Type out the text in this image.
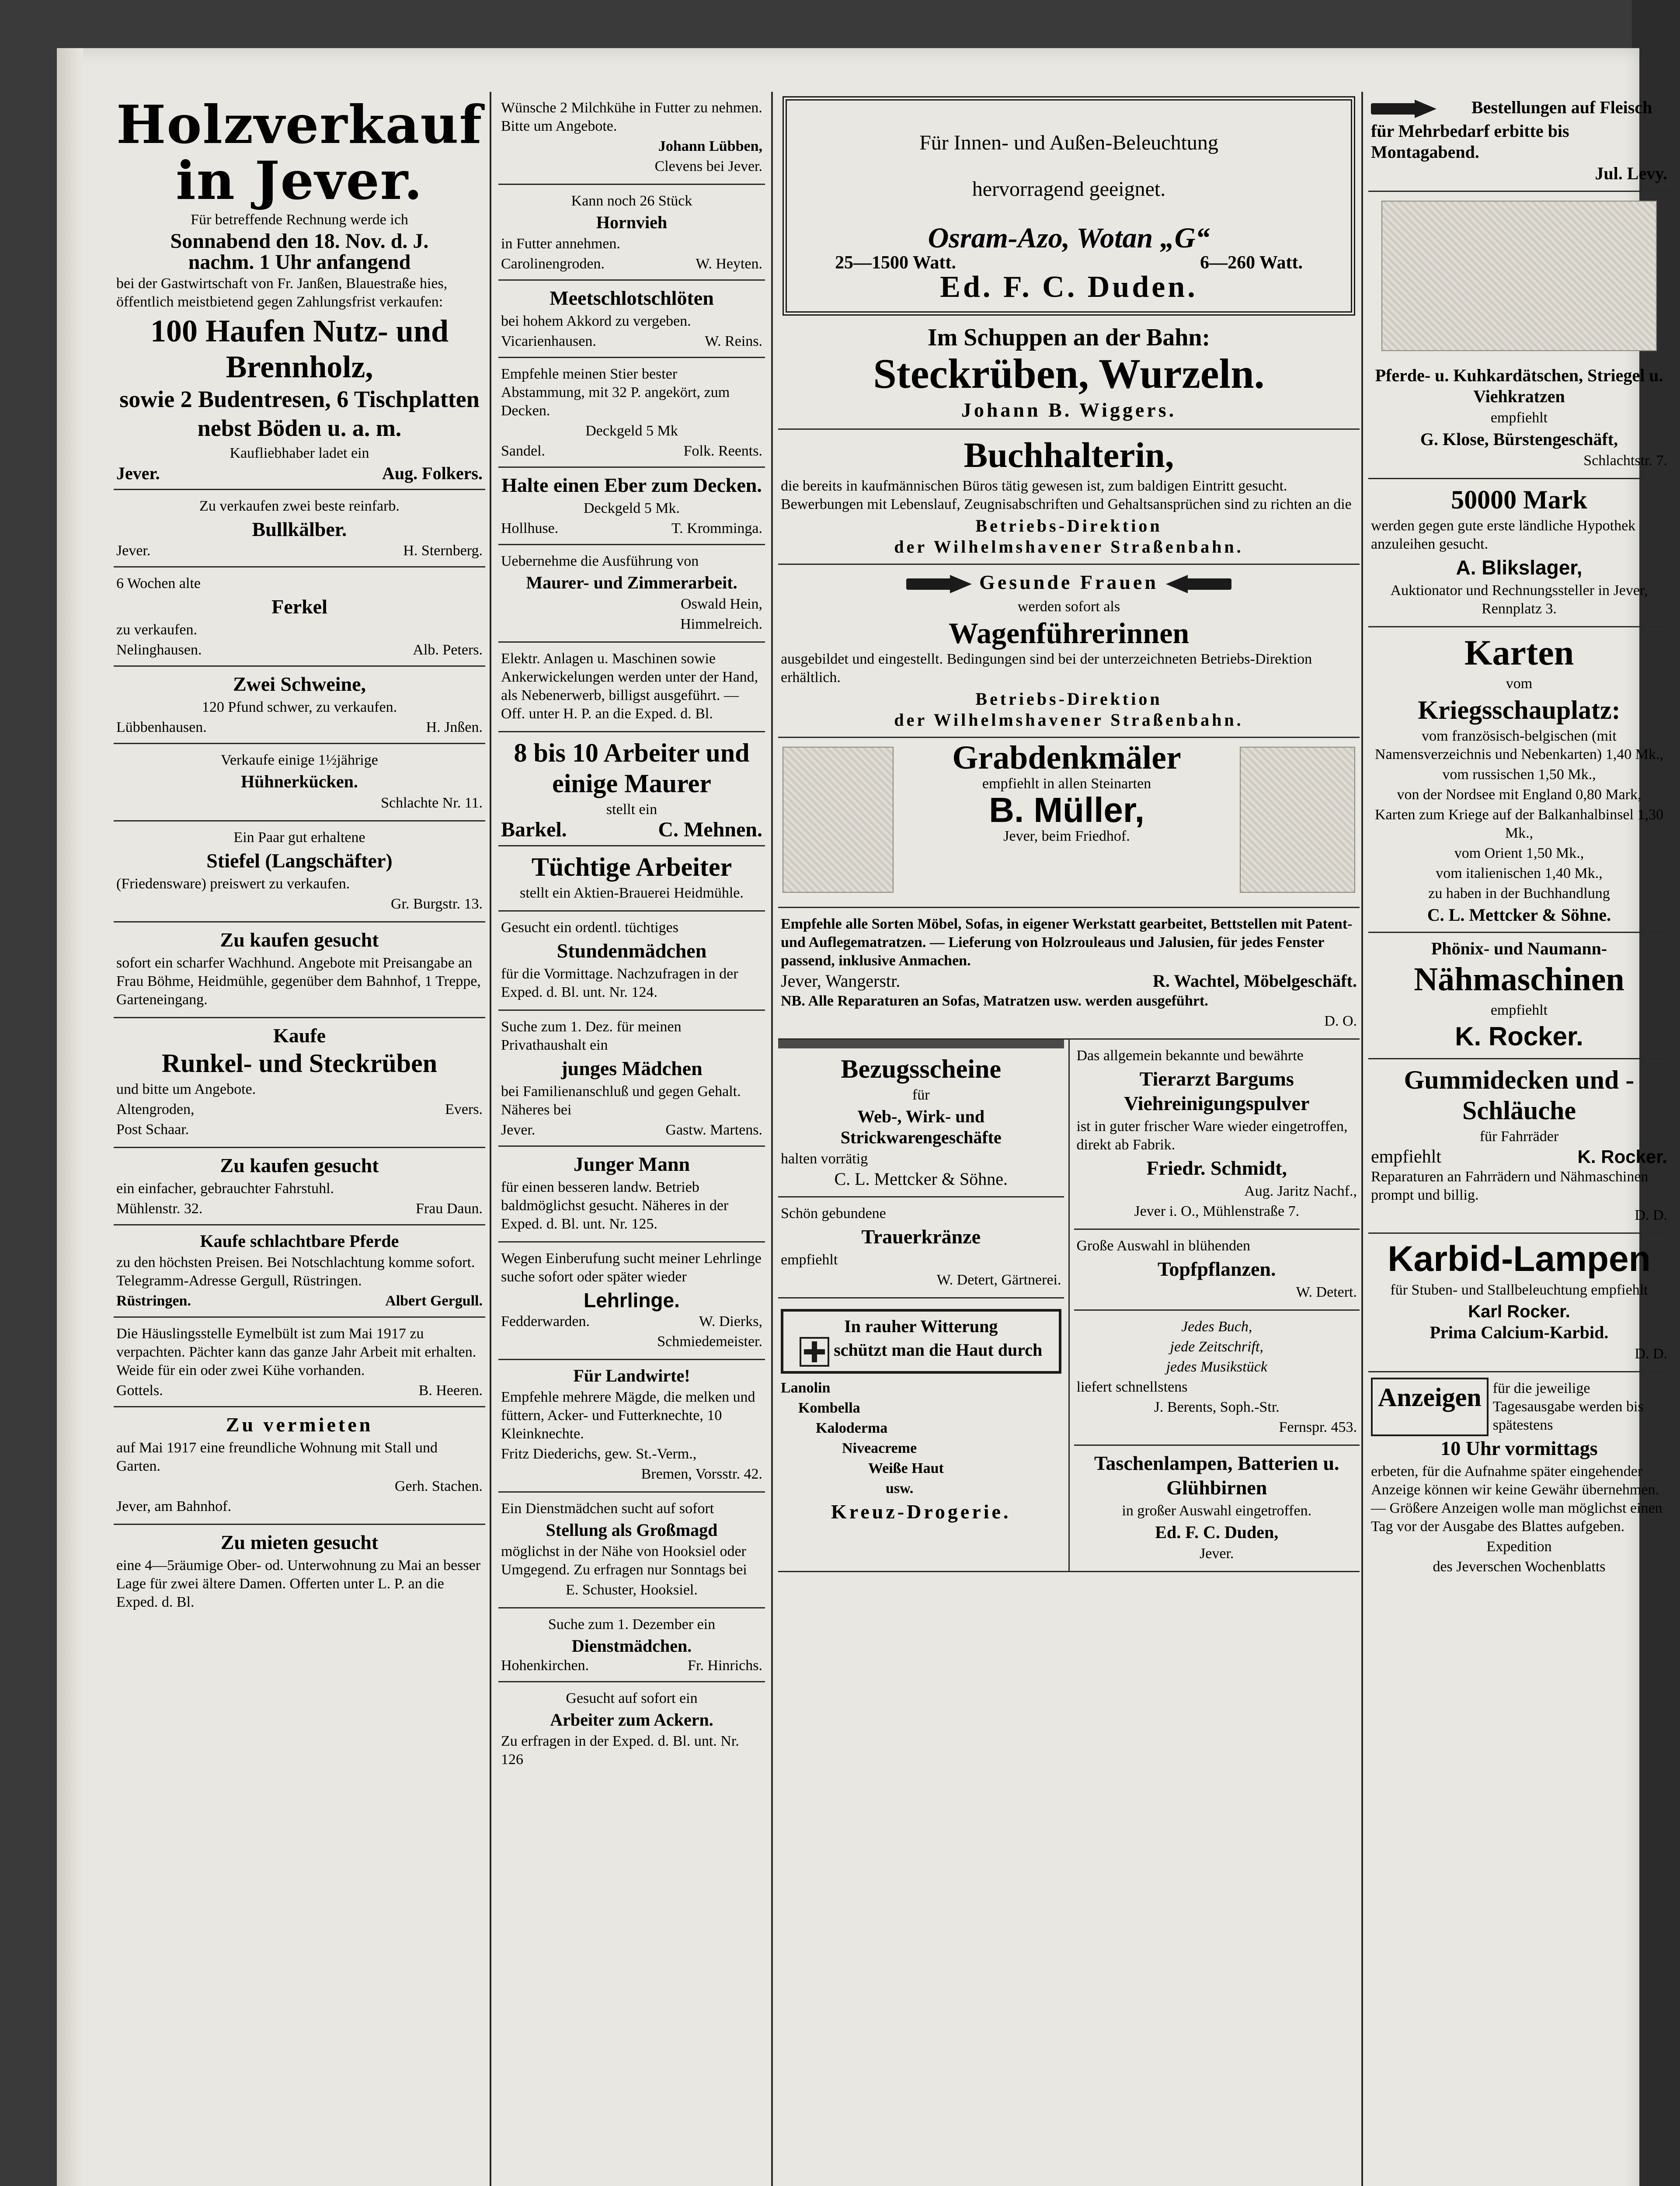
Holzverkauf
in Jever.

Für betreffende Rechnung werde ich

Sonnabend den 18. Nov. d. J.
nachm. 1 Uhr anfangend

bei der Gastwirtschaft von Fr. Janßen, Blauestraße hies, öffentlich meistbietend gegen Zahlungsfrist verkaufen:

100 Haufen Nutz- und Brennholz,
sowie 2 Budentresen, 6 Tischplatten nebst Böden u. a. m.

Kaufliebhaber ladet ein

Jever.	Aug. Folkers.

Zu verkaufen zwei beste reinfarb.

Bullkälber.
Jever.	H. Sternberg.

6 Wochen alte

Ferkel

zu verkaufen.

Nelinghausen.	Alb. Peters.
Zwei Schweine,

120 Pfund schwer, zu verkaufen.

Lübbenhausen.	H. Jnßen.

Verkaufe einige 1½jährige

Hühnerkücken.

Schlachte Nr. 11.

Ein Paar gut erhaltene

Stiefel (Langschäfter)

(Friedensware) preiswert zu verkaufen.

Gr. Burgstr. 13.

Zu kaufen gesucht

sofort ein scharfer Wachhund. Angebote mit Preisangabe an Frau Böhme, Heidmühle, gegenüber dem Bahnhof, 1 Treppe, Garteneingang.

Kaufe
Runkel- und Steckrüben

und bitte um Angebote.

Altengroden,	Evers.

Post Schaar.

Zu kaufen gesucht

ein einfacher, gebrauchter Fahrstuhl.

Mühlenstr. 32.	Frau Daun.
Kaufe schlachtbare Pferde

zu den höchsten Preisen. Bei Notschlachtung komme sofort. Telegramm-Adresse Gergull, Rüstringen.

Rüstringen.	Albert Gergull.

Die Häuslingsstelle Eymelbült ist zum Mai 1917 zu verpachten. Pächter kann das ganze Jahr Arbeit mit erhalten. Weide für ein oder zwei Kühe vorhanden.

Gottels.	B. Heeren.
Zu vermieten

auf Mai 1917 eine freundliche Wohnung mit Stall und Garten.

Gerh. Stachen.

Jever, am Bahnhof.

Zu mieten gesucht

eine 4—5räumige Ober- od. Unterwohnung zu Mai an besser Lage für zwei ältere Damen. Offerten unter L. P. an die Exped. d. Bl.

Wünsche 2 Milchkühe in Futter zu nehmen. Bitte um Angebote.

Johann Lübben,

Clevens bei Jever.

Kann noch 26 Stück

Hornvieh

in Futter annehmen.

Carolinengroden.	W. Heyten.
Meetschlotschlöten

bei hohem Akkord zu vergeben.

Vicarienhausen.	W. Reins.

Empfehle meinen Stier bester Abstammung, mit 32 P. angekört, zum Decken.

Deckgeld 5 Mk

Sandel.	Folk. Reents.
Halte einen Eber zum Decken.

Deckgeld 5 Mk.

Hollhuse.	T. Kromminga.

Uebernehme die Ausführung von

Maurer- und Zimmerarbeit.

Oswald Hein,

Himmelreich.

Elektr. Anlagen u. Maschinen sowie Ankerwickelungen werden unter der Hand, als Nebenerwerb, billigst ausgeführt. — Off. unter H. P. an die Exped. d. Bl.

8 bis 10 Arbeiter und einige Maurer

stellt ein

Barkel.	C. Mehnen.
Tüchtige Arbeiter

stellt ein Aktien-Brauerei Heidmühle.

Gesucht ein ordentl. tüchtiges

Stundenmädchen

für die Vormittage. Nachzufragen in der Exped. d. Bl. unt. Nr. 124.

Suche zum 1. Dez. für meinen Privathaushalt ein

junges Mädchen

bei Familienanschluß und gegen Gehalt. Näheres bei

Jever.	Gastw. Martens.
Junger Mann

für einen besseren landw. Betrieb baldmöglichst gesucht. Näheres in der Exped. d. Bl. unt. Nr. 125.

Wegen Einberufung sucht meiner Lehrlinge suche sofort oder später wieder

Lehrlinge.
Fedderwarden.	W. Dierks,

Schmiedemeister.

Für Landwirte!

Empfehle mehrere Mägde, die melken und füttern, Acker- und Futterknechte, 10 Kleinknechte.

Fritz Diederichs, gew. St.-Verm.,

Bremen, Vorsstr. 42.

Ein Dienstmädchen sucht auf sofort

Stellung als Großmagd

möglichst in der Nähe von Hooksiel oder Umgegend. Zu erfragen nur Sonntags bei

E. Schuster, Hooksiel.

Suche zum 1. Dezember ein

Dienstmädchen.
Hohenkirchen.	Fr. Hinrichs.

Gesucht auf sofort ein

Arbeiter zum Ackern.

Zu erfragen in der Exped. d. Bl. unt. Nr. 126

Für Innen- und Außen-Beleuchtung

hervorragend geeignet.

Osram-Azo, Wotan „G“
25—1500 Watt.	6—260 Watt.
Ed. F. C. Duden.
Im Schuppen an der Bahn:
Steckrüben, Wurzeln.
Johann B. Wiggers.
Buchhalterin,

die bereits in kaufmännischen Büros tätig gewesen ist, zum baldigen Eintritt gesucht. Bewerbungen mit Lebenslauf, Zeugnisabschriften und Gehaltsansprüchen sind zu richten an die

Betriebs-Direktion
der Wilhelmshavener Straßenbahn.
Gesunde Frauen

werden sofort als

Wagenführerinnen

ausgebildet und eingestellt. Bedingungen sind bei der unterzeichneten Betriebs-Direktion erhältlich.

Betriebs-Direktion
der Wilhelmshavener Straßenbahn.
Grabdenkmäler

empfiehlt in allen Steinarten

B. Müller,

Jever, beim Friedhof.

Empfehle alle Sorten Möbel, Sofas, in eigener Werkstatt gearbeitet, Bettstellen mit Patent- und Auflegematratzen. — Lieferung von Holzrouleaus und Jalusien, für jedes Fenster passend, inklusive Anmachen.

Jever, Wangerstr.	R. Wachtel, Möbelgeschäft.

NB. Alle Reparaturen an Sofas, Matratzen usw. werden ausgeführt.

D. O.

Bezugsscheine

für

Web-, Wirk- und Strickwarengeschäfte

halten vorrätig

C. L. Mettcker & Söhne.

Schön gebundene

Trauerkränze

empfiehlt

W. Detert, Gärtnerei.

In rauher Witterung
schützt man die Haut durch

Lanolin

Kombella

Kaloderma

Niveacreme

Weiße Haut

usw.

Kreuz-Drogerie.

Das allgemein bekannte und bewährte

Tierarzt Bargums
Viehreinigungspulver

ist in guter frischer Ware wieder eingetroffen, direkt ab Fabrik.

Friedr. Schmidt,

Aug. Jaritz Nachf.,

Jever i. O., Mühlenstraße 7.

Große Auswahl in blühenden

Topfpflanzen.

W. Detert.

Jedes Buch,

jede Zeitschrift,

jedes Musikstück

liefert schnellstens

J. Berents, Soph.-Str.

Fernspr. 453.

Taschenlampen, Batterien u. Glühbirnen

in großer Auswahl eingetroffen.

Ed. F. C. Duden,

Jever.

Bestellungen auf Fleisch
für Mehrbedarf erbitte bis Montagabend.

Jul. Levy.

Pferde- u. Kuhkardätschen, Striegel u. Viehkratzen

empfiehlt

G. Klose, Bürstengeschäft,

Schlachtstr. 7.

50000 Mark

werden gegen gute erste ländliche Hypothek anzuleihen gesucht.

A. Blikslager,

Auktionator und Rechnungssteller in Jever, Rennplatz 3.

Karten

vom

Kriegsschauplatz:

vom französisch-belgischen (mit Namensverzeichnis und Nebenkarten) 1,40 Mk.,

vom russischen 1,50 Mk.,

von der Nordsee mit England 0,80 Mark,

Karten zum Kriege auf der Balkanhalbinsel 1,30 Mk.,

vom Orient 1,50 Mk.,

vom italienischen 1,40 Mk.,

zu haben in der Buchhandlung

C. L. Mettcker & Söhne.
Phönix- und Naumann-
Nähmaschinen

empfiehlt

K. Rocker.
Gummidecken und -Schläuche

für Fahrräder

empfiehlt	K. Rocker.

Reparaturen an Fahrrädern und Nähmaschinen prompt und billig.

D. D.

Karbid-Lampen

für Stuben- und Stallbeleuchtung empfiehlt

Karl Rocker.
Prima Calcium-Karbid.

D. D.

Anzeigen für die jeweilige Tagesausgabe werden bis spätestens

10 Uhr vormittags

erbeten, für die Aufnahme später eingehender Anzeige können wir keine Gewähr übernehmen. — Größere Anzeigen wolle man möglichst einen Tag vor der Ausgabe des Blattes aufgeben.

Expedition

des Jeverschen Wochenblatts
